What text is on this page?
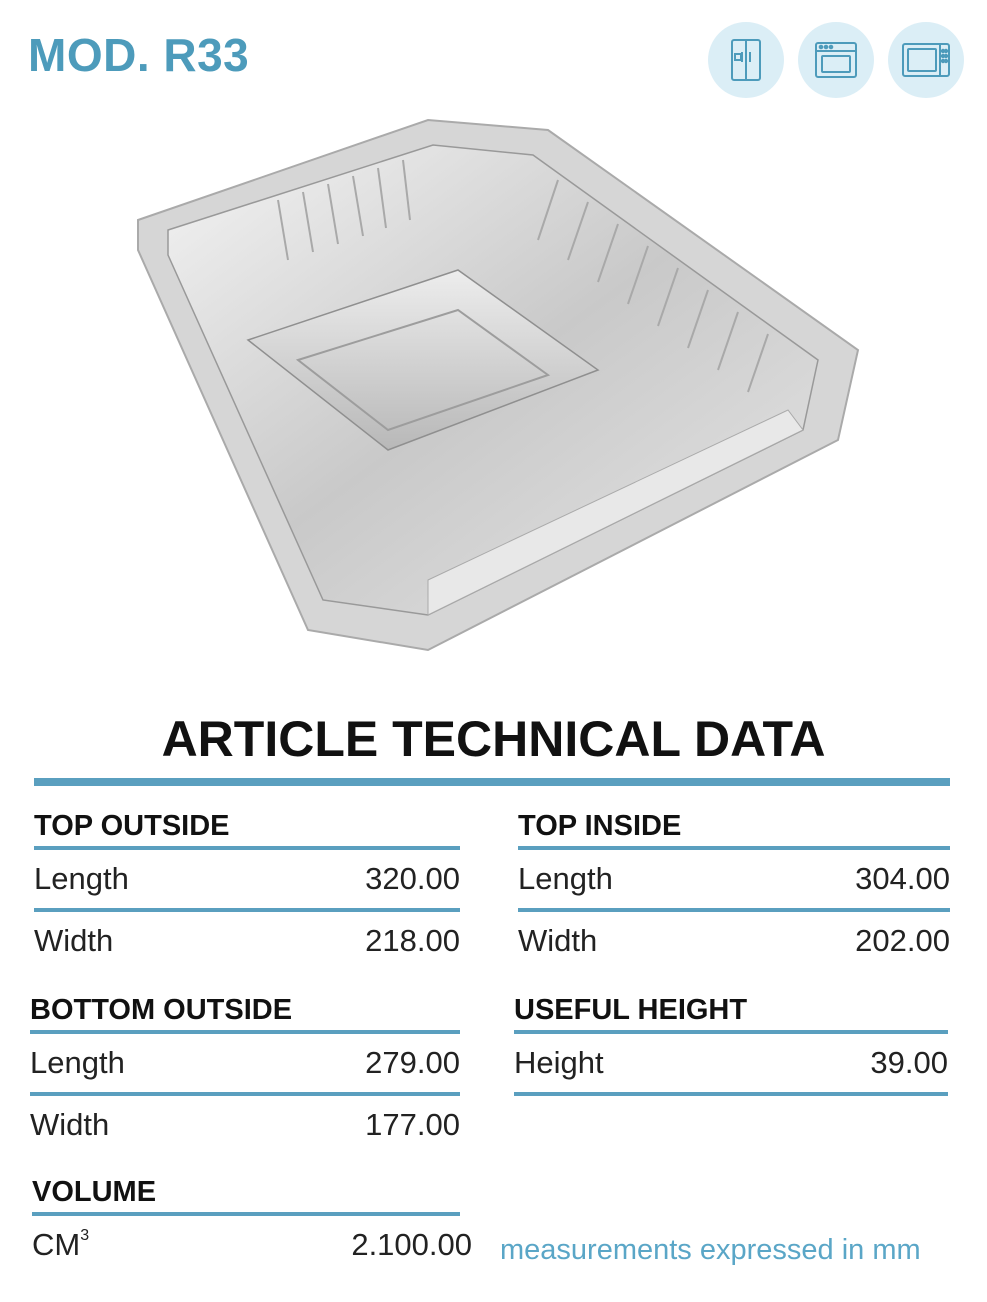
MOD. R33
ARTICLE TECHNICAL DATA
TOP OUTSIDE
Length	320.00
Width	218.00
TOP INSIDE
Length	304.00
Width	202.00
BOTTOM OUTSIDE
Length	279.00
Width	177.00
USEFUL HEIGHT
Height	39.00
VOLUME
$CM^3$	2.100.00 measurements expressed in mm
